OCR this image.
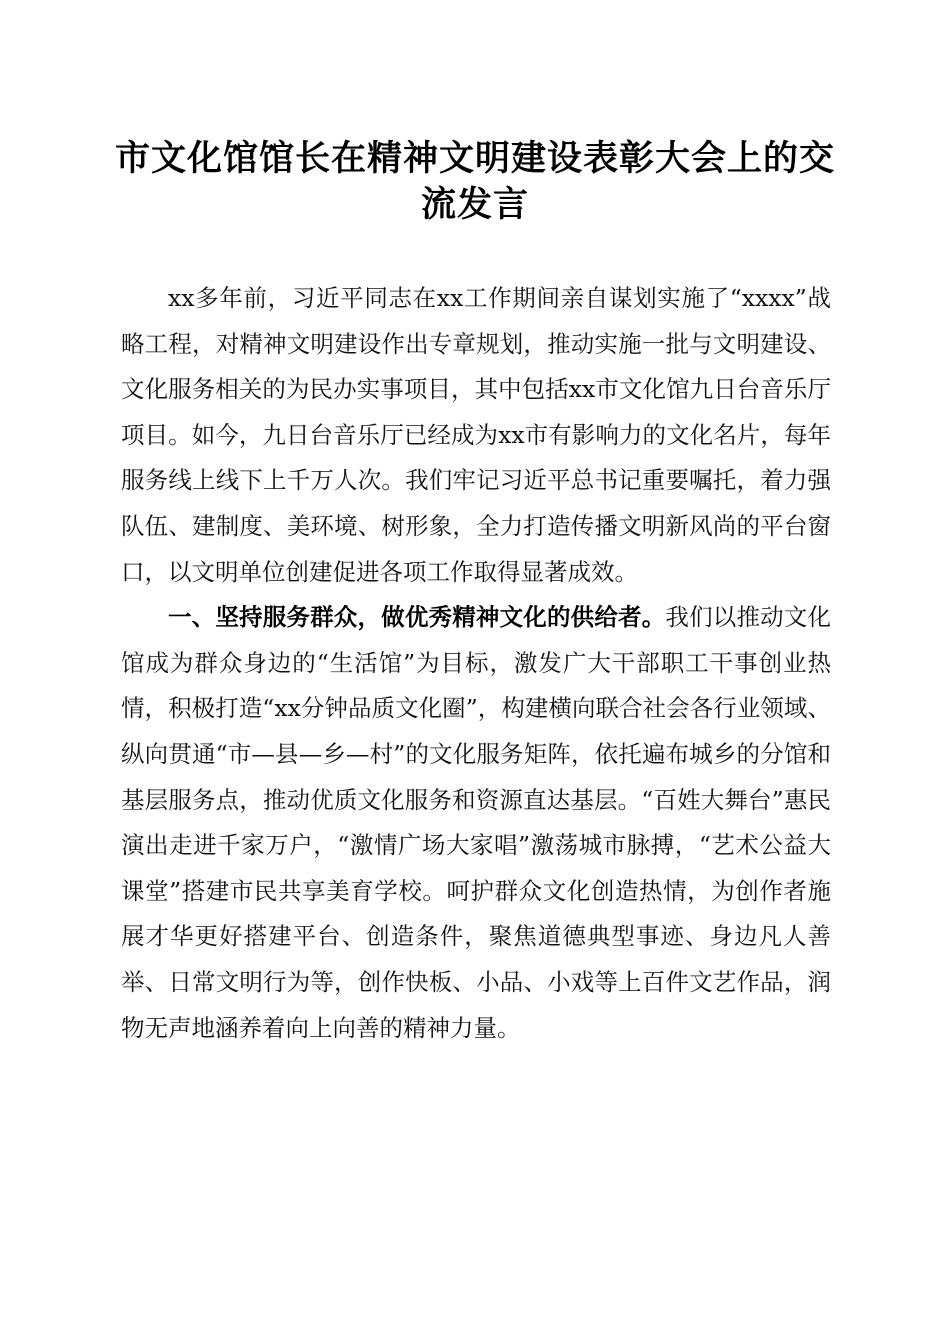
市文化馆馆长在精神文明建设表彰大会上的交流发言

xx多年前，习近平同志在xx工作期间亲自谋划实施了“xxxx”战略工程，对精神文明建设作出专章规划，推动实施一批与文明建设、文化服务相关的为民办实事项目，其中包括xx市文化馆九日台音乐厅项目。如今，九日台音乐厅已经成为xx市有影响力的文化名片，每年服务线上线下上千万人次。我们牢记习近平总书记重要嘱托，着力强队伍、建制度、美环境、树形象，全力打造传播文明新风尚的平台窗口，以文明单位创建促进各项工作取得显著成效。

一、坚持服务群众，做优秀精神文化的供给者。我们以推动文化馆成为群众身边的“生活馆”为目标，激发广大干部职工干事创业热情，积极打造“xx分钟品质文化圈”，构建横向联合社会各行业领域、纵向贯通“市—县—乡—村”的文化服务矩阵，依托遍布城乡的分馆和基层服务点，推动优质文化服务和资源直达基层。“百姓大舞台”惠民演出走进千家万户，“激情广场大家唱”激荡城市脉搏，“艺术公益大课堂”搭建市民共享美育学校。呵护群众文化创造热情，为创作者施展才华更好搭建平台、创造条件，聚焦道德典型事迹、身边凡人善举、日常文明行为等，创作快板、小品、小戏等上百件文艺作品，润物无声地涵养着向上向善的精神力量。
